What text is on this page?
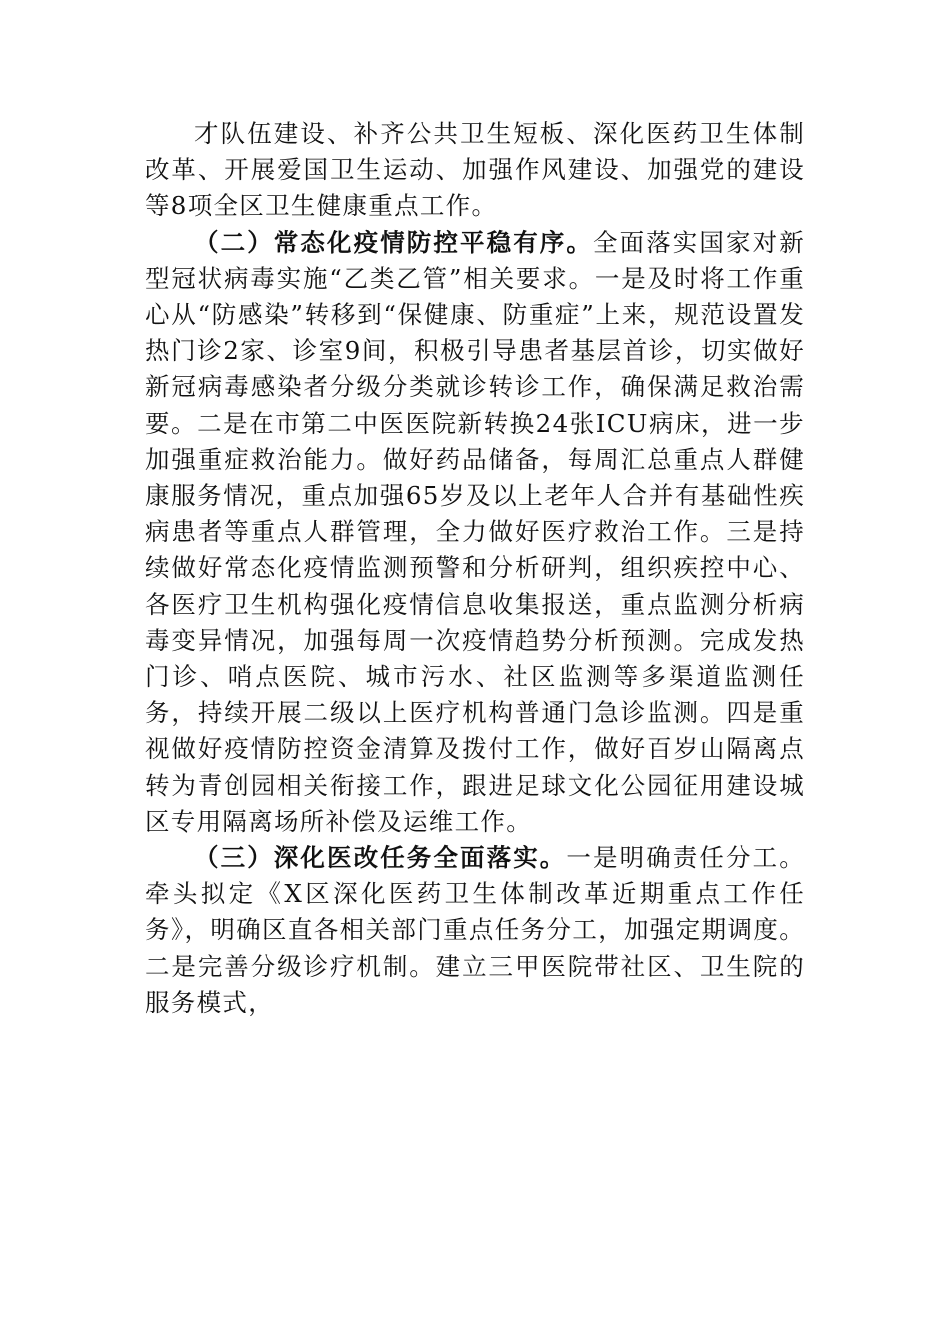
才队伍建设、补齐公共卫生短板、深化医药卫生体制改革、开展爱国卫生运动、加强作风建设、加强党的建设等8项全区卫生健康重点工作。

（二）常态化疫情防控平稳有序。全面落实国家对新型冠状病毒实施“乙类乙管”相关要求。一是及时将工作重心从“防感染”转移到“保健康、防重症”上来，规范设置发热门诊2家、诊室9间，积极引导患者基层首诊，切实做好新冠病毒感染者分级分类就诊转诊工作，确保满足救治需要。二是在市第二中医医院新转换24张ICU病床，进一步加强重症救治能力。做好药品储备，每周汇总重点人群健康服务情况，重点加强65岁及以上老年人合并有基础性疾病患者等重点人群管理，全力做好医疗救治工作。三是持续做好常态化疫情监测预警和分析研判，组织疾控中心、各医疗卫生机构强化疫情信息收集报送，重点监测分析病毒变异情况，加强每周一次疫情趋势分析预测。完成发热门诊、哨点医院、城市污水、社区监测等多渠道监测任务，持续开展二级以上医疗机构普通门急诊监测。四是重视做好疫情防控资金清算及拨付工作，做好百岁山隔离点转为青创园相关衔接工作，跟进足球文化公园征用建设城区专用隔离场所补偿及运维工作。

（三）深化医改任务全面落实。一是明确责任分工。牵头拟定《X区深化医药卫生体制改革近期重点工作任务》，明确区直各相关部门重点任务分工，加强定期调度。二是完善分级诊疗机制。建立三甲医院带社区、卫生院的服务模式，
